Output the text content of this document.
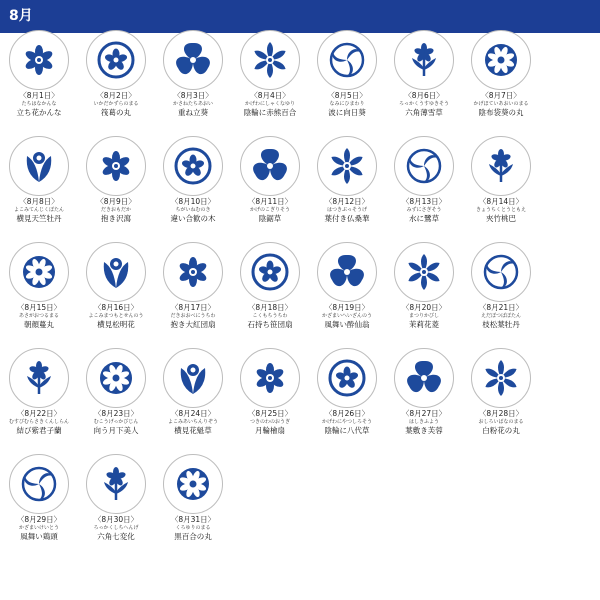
8月
〈8月1日〉
たちはなかんな
立ち花かんな
〈8月2日〉
いかだかずらのまる
筏葛の丸
〈8月3日〉
かさねたちあおい
重ね立葵
〈8月4日〉
かげわにしゃくなゆり
陰輪に赤熊百合
〈8月5日〉
なみにひまわり
波に向日葵
〈8月6日〉
ろっかくうすゆきそう
六角薄雪草
〈8月7日〉
かげほていあおいのまる
陰布袋葵の丸
〈8月8日〉
よこみてんじくぼたん
横見天竺牡丹
〈8月9日〉
だきおもだか
抱き沢瀉
〈8月10日〉
ちがいねむのき
違い合歓の木
〈8月11日〉
かげのこぎりそう
陰鋸草
〈8月12日〉
はつきぶっそうげ
葉付き仏桑華
〈8月13日〉
みずにさぎそう
水に鷺草
〈8月14日〉
きょうちくとうともえ
夾竹桃巴
〈8月15日〉
あさがおつるまる
朝顔蔓丸
〈8月16日〉
よこみまつもとせんのう
横見松明花
〈8月17日〉
だきおおべにうちわ
抱き大紅団扇
〈8月18日〉
こくもちうちわ
石持ち笹団扇
〈8月19日〉
かざまいへいざんのう
風舞い酔仙翁
〈8月20日〉
まつりかびし
茉莉花菱
〈8月21日〉
えだぼつばぼたん
枝松葉牡丹
〈8月22日〉
むすびむらさきくんしらん
結び紫君子蘭
〈8月23日〉
むこうげっかびじん
向う月下美人
〈8月24日〉
よこみあいちんりぞう
横見花魁草
〈8月25日〉
つきのわのおうぎ
月輪檜扇
〈8月26日〉
かげわにやつしろそう
陰輪に八代草
〈8月27日〉
はしきふよう
葉敷き芙蓉
〈8月28日〉
おしろいばなのまる
白粉花の丸
〈8月29日〉
かざまいけいとう
風舞い鶏頭
〈8月30日〉
ろっかくしちへんげ
六角七変化
〈8月31日〉
くろゆりのまる
黒百合の丸
